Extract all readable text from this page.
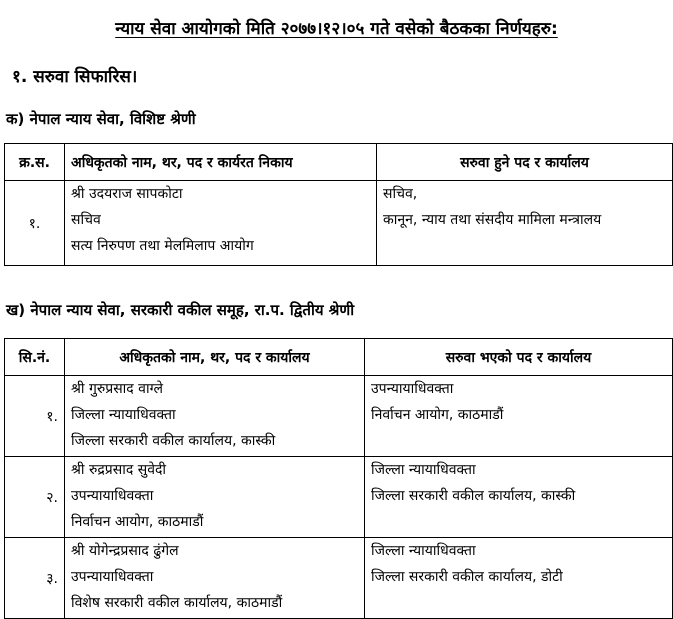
न्याय सेवा आयोगको मिति २०७७।१२।०५ गते वसेको बैठकका निर्णयहरु:
१. सरुवा सिफारिस।
क) नेपाल न्याय सेवा, विशिष्ट श्रेणी
क्र.स.	अधिकृतको नाम, थर, पद र कार्यरत निकाय	सरुवा हुने पद र कार्यालय
१.	श्री उदयराज सापकोटा
सचिव
सत्य निरुपण तथा मेलमिलाप आयोग	सचिव,
कानून, न्याय तथा संसदीय मामिला मन्त्रालय
ख) नेपाल न्याय सेवा, सरकारी वकील समूह, रा.प. द्वितीय श्रेणी
सि.नं.	अधिकृतको नाम, थर, पद र कार्यालय	सरुवा भएको पद र कार्यालय
१.	श्री गुरुप्रसाद वाग्ले
जिल्ला न्यायाधिवक्ता
जिल्ला सरकारी वकील कार्यालय, कास्की	उपन्यायाधिवक्ता
निर्वाचन आयोग, काठमाडौं

२.	श्री रुद्रप्रसाद सुवेदी
उपन्यायाधिवक्ता
निर्वाचन आयोग, काठमाडौं	जिल्ला न्यायाधिवक्ता
जिल्ला सरकारी वकील कार्यालय, कास्की

३.	श्री योगेन्द्रप्रसाद ढुंगेल
उपन्यायाधिवक्ता
विशेष सरकारी वकील कार्यालय, काठमाडौं	जिल्ला न्यायाधिवक्ता
जिल्ला सरकारी वकील कार्यालय, डोटी
